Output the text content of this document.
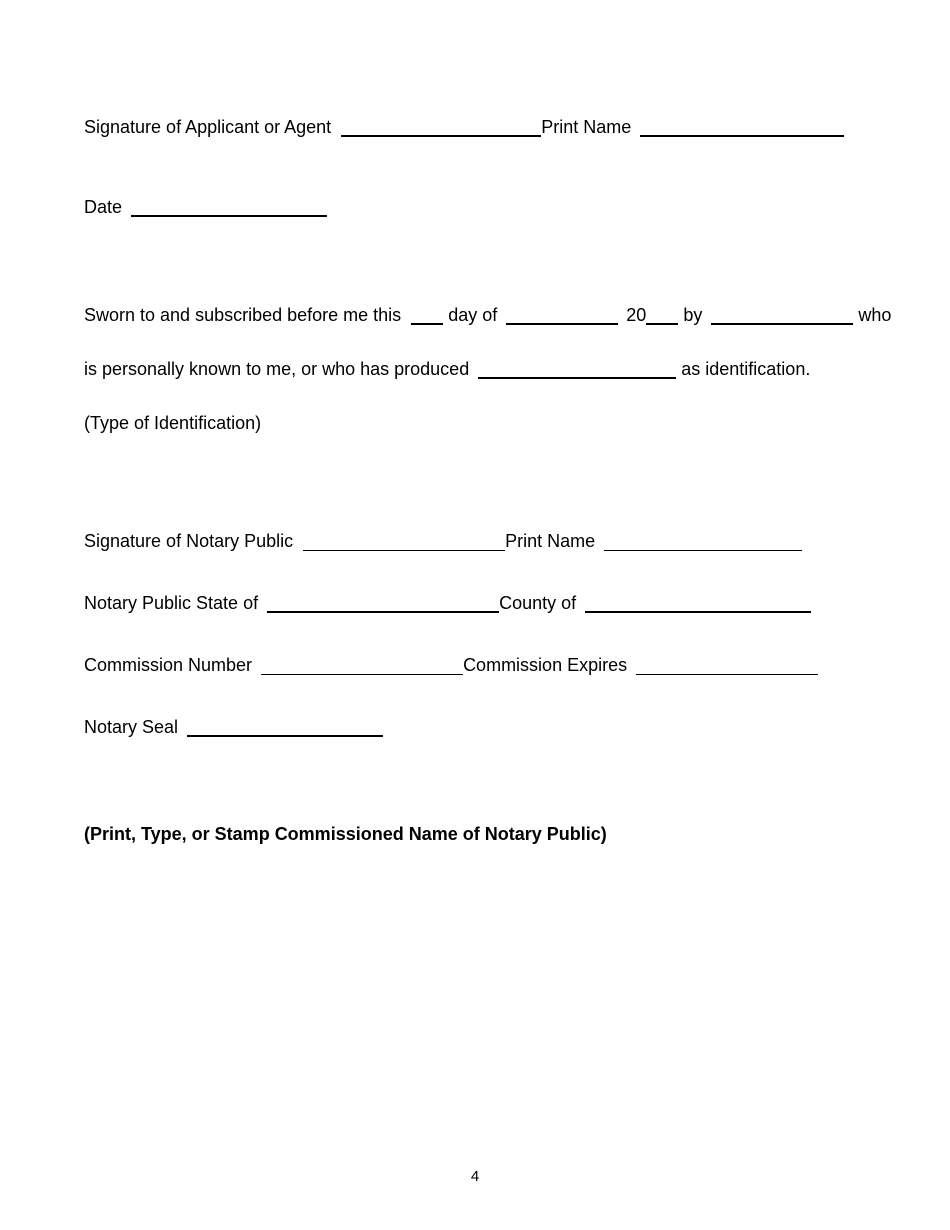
Signature of Applicant or Agent	Print Name
Date
Sworn to and subscribed before me this	day of	20 by	who
is personally known to me, or who has produced	as identification.
(Type of Identification)
Signature of Notary Public	Print Name
Notary Public State of	County of
Commission Number	Commission Expires
Notary Seal
(Print, Type, or Stamp Commissioned Name of Notary Public)
4
